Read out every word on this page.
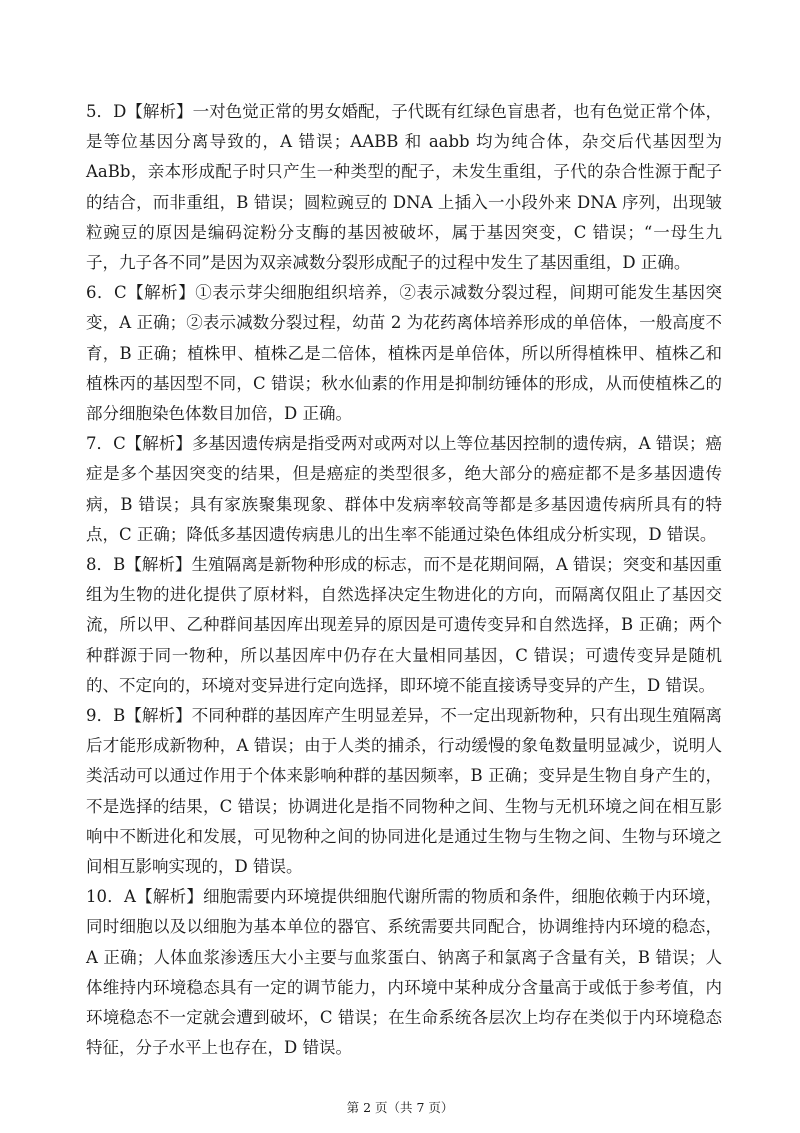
5．D【解析】一对色觉正常的男女婚配，子代既有红绿色盲患者，也有色觉正常个体，是等位基因分离导致的，A 错误；AABB 和 aabb 均为纯合体，杂交后代基因型为 AaBb，亲本形成配子时只产生一种类型的配子，未发生重组，子代的杂合性源于配子的结合，而非重组，B 错误；圆粒豌豆的 DNA 上插入一小段外来 DNA 序列，出现皱粒豌豆的原因是编码淀粉分支酶的基因被破坏，属于基因突变，C 错误；“一母生九子，九子各不同”是因为双亲减数分裂形成配子的过程中发生了基因重组，D 正确。

6．C【解析】①表示芽尖细胞组织培养，②表示减数分裂过程，间期可能发生基因突变，A 正确；②表示减数分裂过程，幼苗 2 为花药离体培养形成的单倍体，一般高度不育，B 正确；植株甲、植株乙是二倍体，植株丙是单倍体，所以所得植株甲、植株乙和植株丙的基因型不同，C 错误；秋水仙素的作用是抑制纺锤体的形成，从而使植株乙的部分细胞染色体数目加倍，D 正确。

7．C【解析】多基因遗传病是指受两对或两对以上等位基因控制的遗传病，A 错误；癌症是多个基因突变的结果，但是癌症的类型很多，绝大部分的癌症都不是多基因遗传病，B 错误；具有家族聚集现象、群体中发病率较高等都是多基因遗传病所具有的特点，C 正确；降低多基因遗传病患儿的出生率不能通过染色体组成分析实现，D 错误。

8．B【解析】生殖隔离是新物种形成的标志，而不是花期间隔，A 错误；突变和基因重组为生物的进化提供了原材料，自然选择决定生物进化的方向，而隔离仅阻止了基因交流，所以甲、乙种群间基因库出现差异的原因是可遗传变异和自然选择，B 正确；两个种群源于同一物种，所以基因库中仍存在大量相同基因，C 错误；可遗传变异是随机的、不定向的，环境对变异进行定向选择，即环境不能直接诱导变异的产生，D 错误。

9．B【解析】不同种群的基因库产生明显差异，不一定出现新物种，只有出现生殖隔离后才能形成新物种，A 错误；由于人类的捕杀，行动缓慢的象龟数量明显减少，说明人类活动可以通过作用于个体来影响种群的基因频率，B 正确；变异是生物自身产生的，不是选择的结果，C 错误；协调进化是指不同物种之间、生物与无机环境之间在相互影响中不断进化和发展，可见物种之间的协同进化是通过生物与生物之间、生物与环境之间相互影响实现的，D 错误。

10．A【解析】细胞需要内环境提供细胞代谢所需的物质和条件，细胞依赖于内环境，同时细胞以及以细胞为基本单位的器官、系统需要共同配合，协调维持内环境的稳态，A 正确；人体血浆渗透压大小主要与血浆蛋白、钠离子和氯离子含量有关，B 错误；人体维持内环境稳态具有一定的调节能力，内环境中某种成分含量高于或低于参考值，内环境稳态不一定就会遭到破坏，C 错误；在生命系统各层次上均存在类似于内环境稳态特征，分子水平上也存在，D 错误。

第 2 页（共 7 页）
